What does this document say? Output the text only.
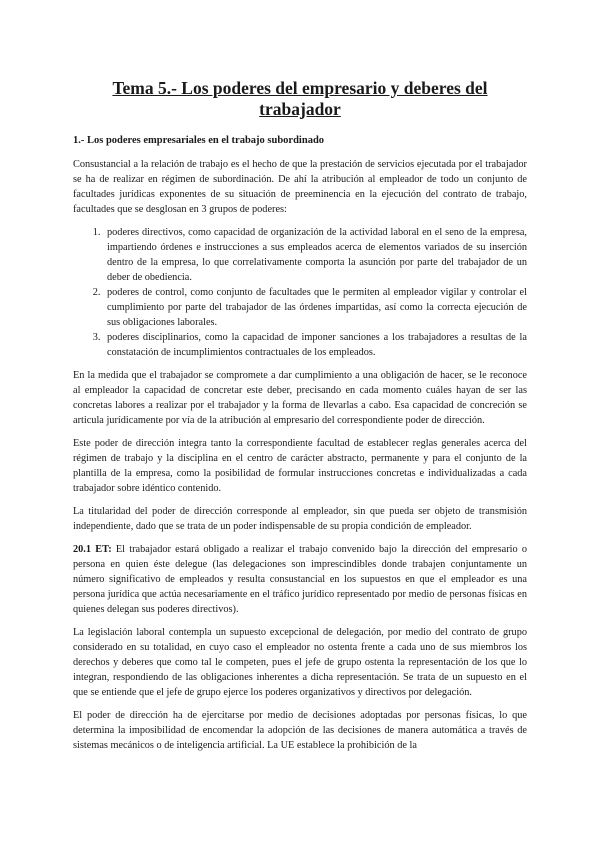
Tema 5.- Los poderes del empresario y deberes del trabajador
1.- Los poderes empresariales en el trabajo subordinado

Consustancial a la relación de trabajo es el hecho de que la prestación de servicios ejecutada por el trabajador se ha de realizar en régimen de subordinación. De ahí la atribución al empleador de todo un conjunto de facultades jurídicas exponentes de su situación de preeminencia en la ejecución del contrato de trabajo, facultades que se desglosan en 3 grupos de poderes:

1. poderes directivos, como capacidad de organización de la actividad laboral en el seno de la empresa, impartiendo órdenes e instrucciones a sus empleados acerca de elementos variados de su inserción dentro de la empresa, lo que correlativamente comporta la asunción por parte del trabajador de un deber de obediencia.
2. poderes de control, como conjunto de facultades que le permiten al empleador vigilar y controlar el cumplimiento por parte del trabajador de las órdenes impartidas, así como la correcta ejecución de sus obligaciones laborales.
3. poderes disciplinarios, como la capacidad de imponer sanciones a los trabajadores a resultas de la constatación de incumplimientos contractuales de los empleados.

En la medida que el trabajador se compromete a dar cumplimiento a una obligación de hacer, se le reconoce al empleador la capacidad de concretar este deber, precisando en cada momento cuáles hayan de ser las concretas labores a realizar por el trabajador y la forma de llevarlas a cabo. Esa capacidad de concreción se articula jurídicamente por vía de la atribución al empresario del correspondiente poder de dirección.

Este poder de dirección integra tanto la correspondiente facultad de establecer reglas generales acerca del régimen de trabajo y la disciplina en el centro de carácter abstracto, permanente y para el conjunto de la plantilla de la empresa, como la posibilidad de formular instrucciones concretas e individualizadas a cada trabajador sobre idéntico contenido.

La titularidad del poder de dirección corresponde al empleador, sin que pueda ser objeto de transmisión independiente, dado que se trata de un poder indispensable de su propia condición de empleador.

20.1 ET: El trabajador estará obligado a realizar el trabajo convenido bajo la dirección del empresario o persona en quien éste delegue (las delegaciones son imprescindibles donde trabajen conjuntamente un número significativo de empleados y resulta consustancial en los supuestos en que el empleador es una persona jurídica que actúa necesariamente en el tráfico jurídico representado por medio de personas físicas en quienes delegan sus poderes directivos).

La legislación laboral contempla un supuesto excepcional de delegación, por medio del contrato de grupo considerado en su totalidad, en cuyo caso el empleador no ostenta frente a cada uno de sus miembros los derechos y deberes que como tal le competen, pues el jefe de grupo ostenta la representación de los que lo integran, respondiendo de las obligaciones inherentes a dicha representación. Se trata de un supuesto en el que se entiende que el jefe de grupo ejerce los poderes organizativos y directivos por delegación.

El poder de dirección ha de ejercitarse por medio de decisiones adoptadas por personas físicas, lo que determina la imposibilidad de encomendar la adopción de las decisiones de manera automática a través de sistemas mecánicos o de inteligencia artificial. La UE establece la prohibición de la
